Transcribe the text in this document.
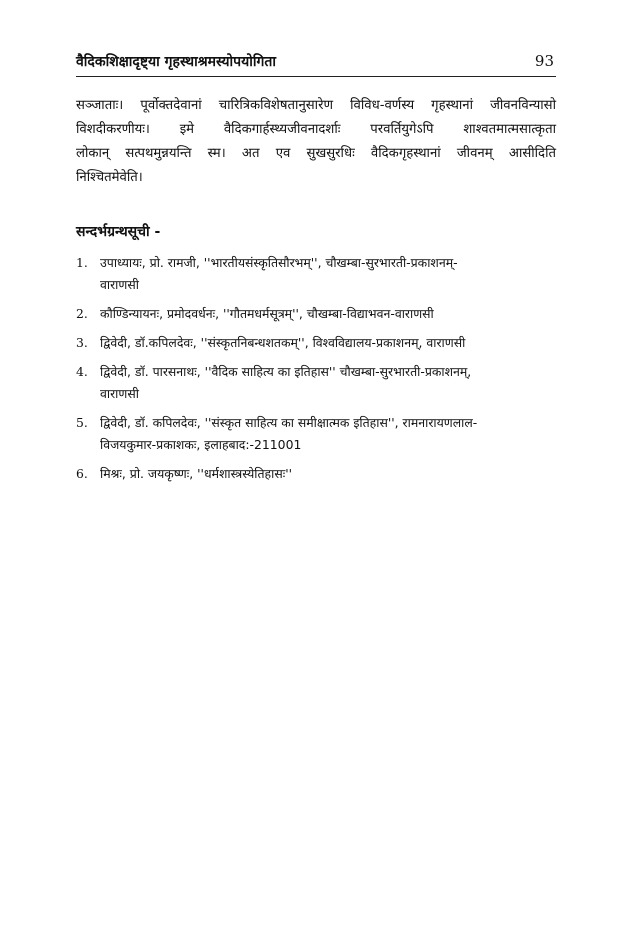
वैदिकशिक्षादृष्ट्या गृहस्थाश्रमस्योपयोगिता	93

सञ्जाताः। पूर्वोक्तदेवानां चारित्रिकविशेषतानुसारेण विविध-वर्णस्य गृहस्थानां जीवनविन्यासो
विशदीकरणीयः। इमे वैदिकगार्हस्थ्यजीवनादर्शाः परवर्तियुगेऽपि शाश्वतमात्मसात्कृता
लोकान् सत्पथमुन्नयन्ति स्म। अत एव सुखसुरधिः वैदिकगृहस्थानां जीवनम् आसीदिति
निश्चितमेवेति।

सन्दर्भग्रन्थसूची -
1. उपाध्यायः, प्रो. रामजी, ''भारतीयसंस्कृतिसौरभम्'', चौखम्बा-सुरभारती-प्रकाशनम्-
वाराणसी
2. कौण्डिन्यायनः, प्रमोदवर्धनः, ''गौतमधर्मसूत्रम्'', चौखम्बा-विद्याभवन-वाराणसी
3. द्विवेदी, डॉ.कपिलदेवः, ''संस्कृतनिबन्धशतकम्'', विश्वविद्यालय-प्रकाशनम्, वाराणसी
4. द्विवेदी, डॉ. पारसनाथः, ''वैदिक साहित्य का इतिहास'' चौखम्बा-सुरभारती-प्रकाशनम्,
वाराणसी
5. द्विवेदी, डॉ. कपिलदेवः, ''संस्कृत साहित्य का समीक्षात्मक इतिहास'', रामनारायणलाल-
विजयकुमार-प्रकाशकः, इलाहबाद:-211001
6. मिश्रः, प्रो. जयकृष्णः, ''धर्मशास्त्रस्येतिहासः''
